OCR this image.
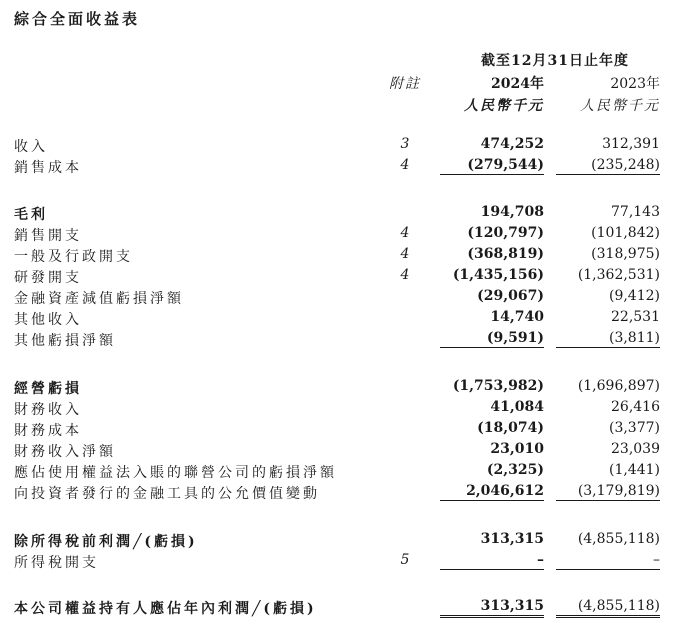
綜合全面收益表
截至12月31日止年度
附註	2024年	2023年
人民幣千元	人民幣千元
收入	3	474,252	312,391
銷售成本	4	(279,544)	(235,248)
毛利	194,708	77,143
銷售開支	4	(120,797)	(101,842)
一般及行政開支	4	(368,819)	(318,975)
研發開支	4	(1,435,156)	(1,362,531)
金融資產減值虧損淨額	(29,067)	(9,412)
其他收入	14,740	22,531
其他虧損淨額	(9,591)	(3,811)
經營虧損	(1,753,982)	(1,696,897)
財務收入	41,084	26,416
財務成本	(18,074)	(3,377)
財務收入淨額	23,010	23,039
應佔使用權益法入賬的聯營公司的虧損淨額	(2,325)	(1,441)
向投資者發行的金融工具的公允價值變動	2,046,612	(3,179,819)
除所得稅前利潤╱(虧損)	313,315	(4,855,118)
所得稅開支	5	–	–
本公司權益持有人應佔年內利潤╱(虧損)	313,315	(4,855,118)
